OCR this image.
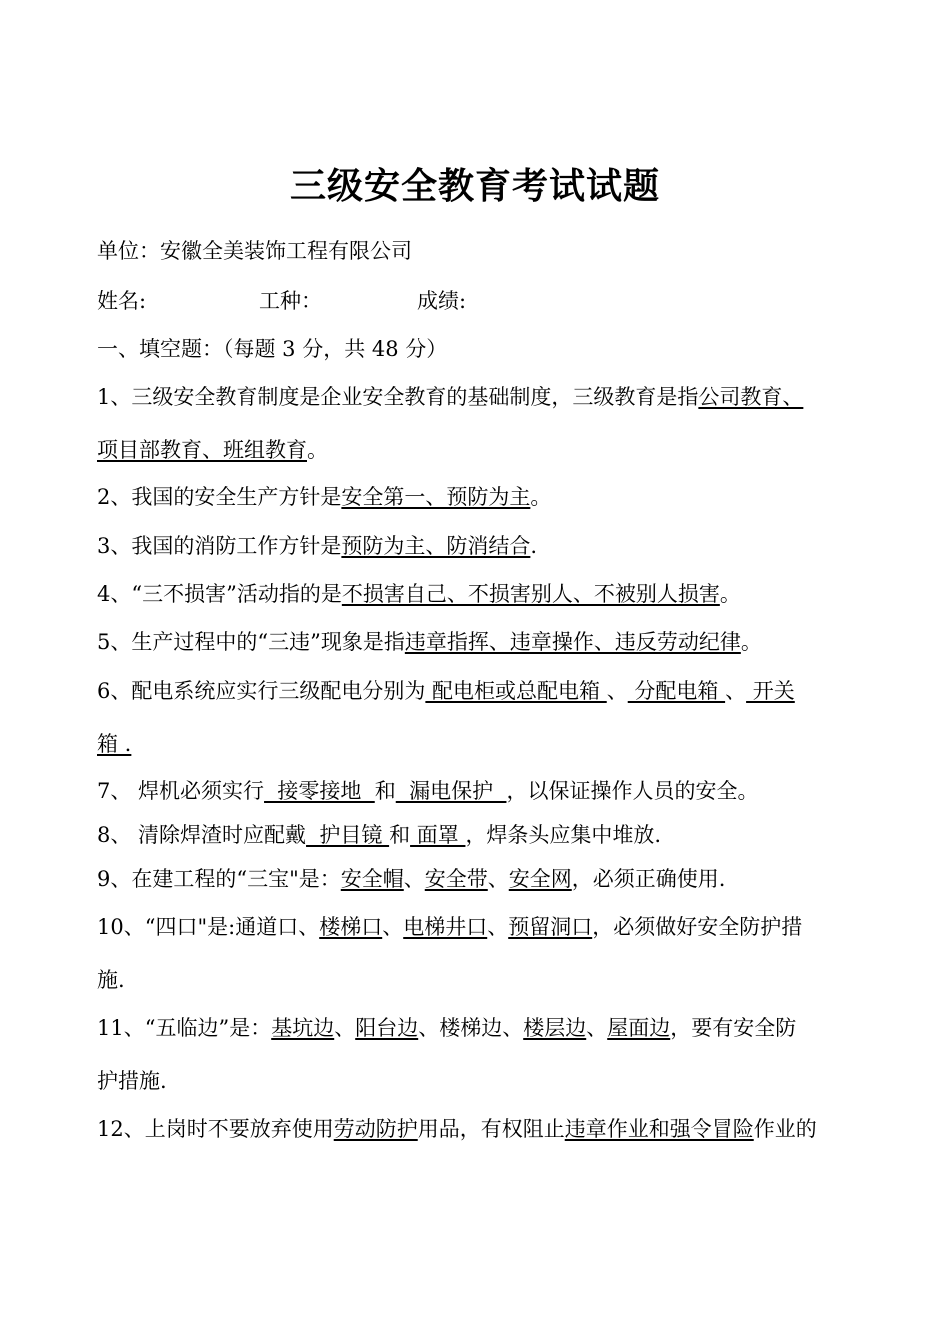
三级安全教育考试试题
单位：安徽全美装饰工程有限公司
姓名:	工种：	成绩:
一、填空题：（每题 3 分，共 48 分）
1、三级安全教育制度是企业安全教育的基础制度，三级教育是指公司教育、
项目部教育、班组教育。
2、我国的安全生产方针是安全第一、预防为主。
3、我国的消防工作方针是预防为主、防消结合.
4、“三不损害”活动指的是不损害自己、不损害别人、不被别人损害。
5、生产过程中的“三违”现象是指违章指挥、违章操作、违反劳动纪律。
6、配电系统应实行三级配电分别为 配电柜或总配电箱 、 分配电箱 、 开关
箱 .
7、 焊机必须实行  接零接地  和  漏电保护  ，以保证操作人员的安全。
8、 清除焊渣时应配戴  护目镜 和 面罩 ，焊条头应集中堆放.
9、在建工程的“三宝"是：安全帽、安全带、安全网，必须正确使用.
10、“四口"是:通道口、楼梯口、电梯井口、预留洞口，必须做好安全防护措
施.
11、“五临边”是：基坑边、阳台边、楼梯边、楼层边、屋面边，要有安全防
护措施.
12、上岗时不要放弃使用劳动防护用品，有权阻止违章作业和强令冒险作业的
